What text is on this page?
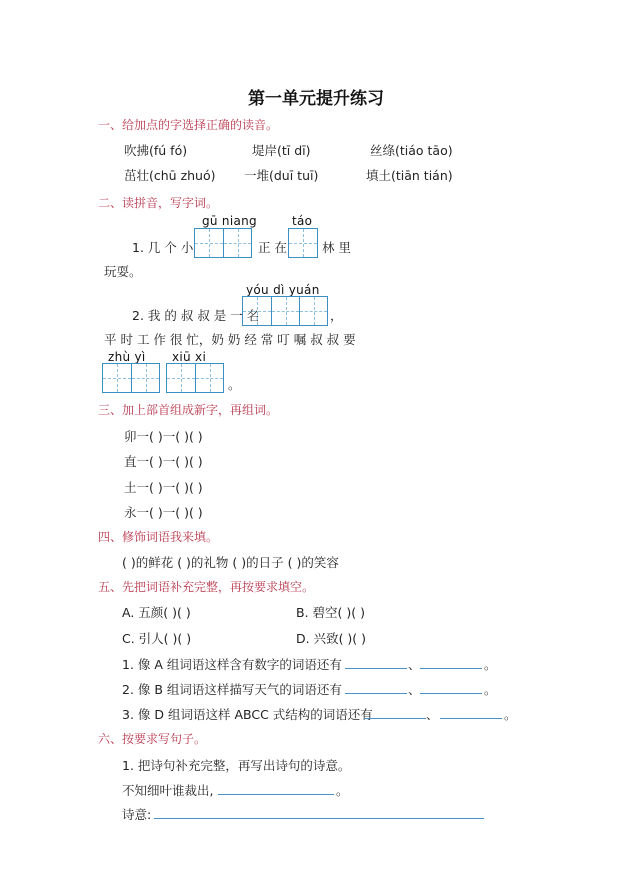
第一单元提升练习
一、给加点的字选择正确的读音。
吹拂(fú fó)	堤岸(tī dī)	丝绦(tiáo tāo)
茁壮(chū zhuó) 一堆(duī tuī)	填土(tiān tián)
二、读拼音，写字词。
gū niang	táo
1. 几 个 小	正 在	林 里
玩耍。
yóu dì yuán
2. 我 的 叔 叔 是 一 名	，
平 时 工 作 很 忙，奶 奶 经 常 叮 嘱 叔 叔 要
zhù yì xiū xi
。
三、加上部首组成新字，再组词。
卯一( )一( )( )
直一( )一( )( )
土一( )一( )( )
永一( )一( )( )
四、修饰词语我来填。
( )的鲜花 ( )的礼物 ( )的日子 ( )的笑容
五、先把词语补充完整，再按要求填空。
A. 五颜( )( )	B. 碧空( )( )
C. 引人( )( )	D. 兴致( )( )
1. 像 A 组词语这样含有数字的词语还有	、	。
2. 像 B 组词语这样描写天气的词语还有	、	。
3. 像 D 组词语这样 ABCC 式结构的词语还有	、	。
六、按要求写句子。
1. 把诗句补充完整，再写出诗句的诗意。
不知细叶谁裁出,	。
诗意:
